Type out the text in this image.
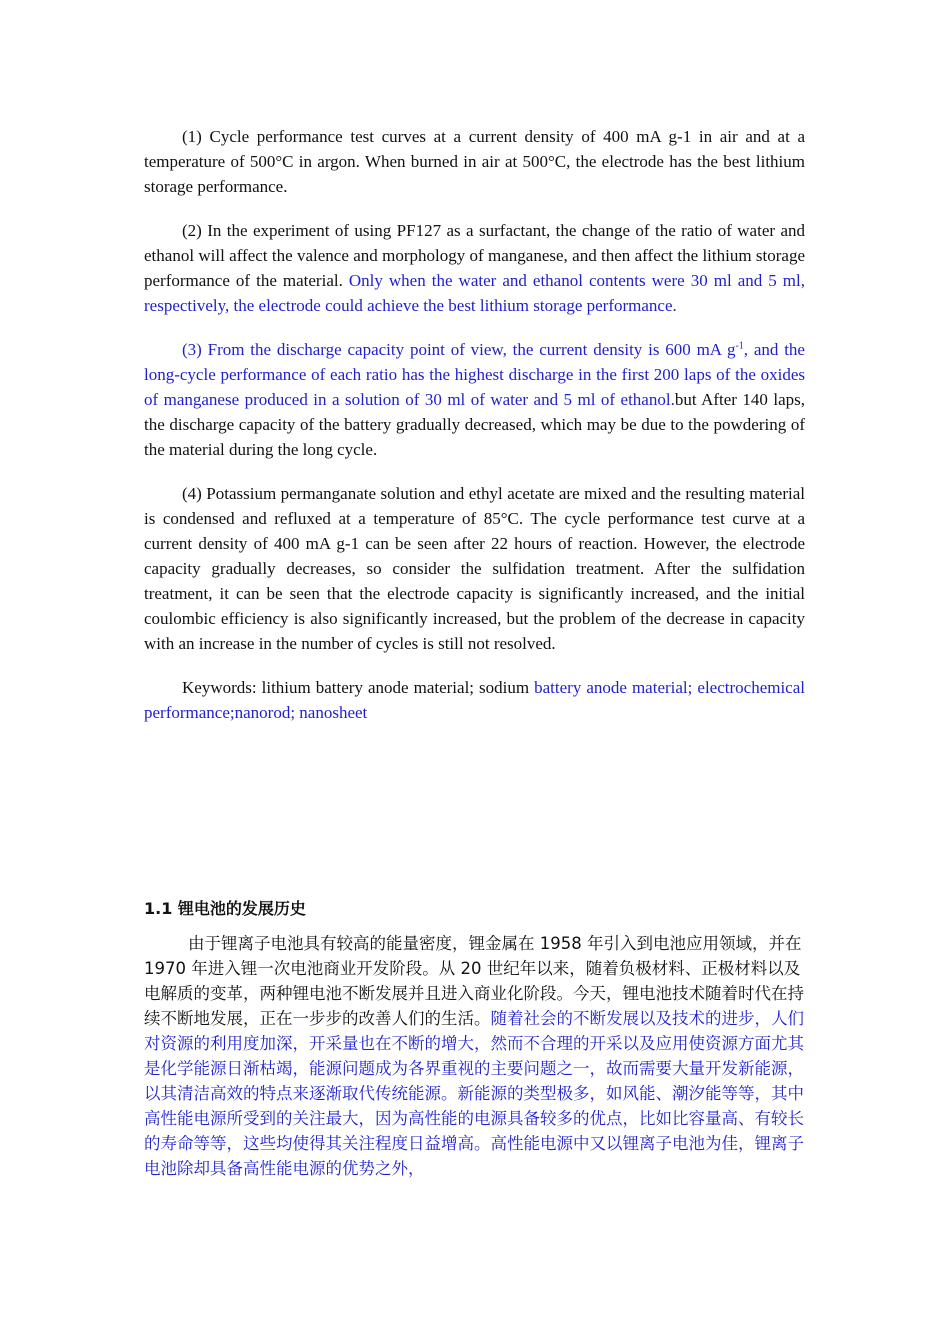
(1) Cycle performance test curves at a current density of 400 mA g-1 in air and at a temperature of 500°C in argon. When burned in air at 500°C, the electrode has the best lithium storage performance.

(2) In the experiment of using PF127 as a surfactant, the change of the ratio of water and ethanol will affect the valence and morphology of manganese, and then affect the lithium storage performance of the material. Only when the water and ethanol contents were 30 ml and 5 ml, respectively, the electrode could achieve the best lithium storage performance.

(3) From the discharge capacity point of view, the current density is 600 mA $g^{-1}$, and the long-cycle performance of each ratio has the highest discharge in the first 200 laps of the oxides of manganese produced in a solution of 30 ml of water and 5 ml of ethanol.but After 140 laps, the discharge capacity of the battery gradually decreased, which may be due to the powdering of the material during the long cycle.

(4) Potassium permanganate solution and ethyl acetate are mixed and the resulting material is condensed and refluxed at a temperature of 85°C. The cycle performance test curve at a current density of 400 mA g-1 can be seen after 22 hours of reaction. However, the electrode capacity gradually decreases, so consider the sulfidation treatment. After the sulfidation treatment, it can be seen that the electrode capacity is significantly increased, and the initial coulombic efficiency is also significantly increased, but the problem of the decrease in capacity with an increase in the number of cycles is still not resolved.

Keywords: lithium battery anode material; sodium battery anode material; electrochemical performance;nanorod; nanosheet

1.1 锂电池的发展历史

由于锂离子电池具有较高的能量密度，锂金属在 1958 年引入到电池应用领域，并在 1970 年进入锂一次电池商业开发阶段。从 20 世纪年以来，随着负极材料、正极材料以及电解质的变革，两种锂电池不断发展并且进入商业化阶段。今天，锂电池技术随着时代在持续不断地发展，正在一步步的改善人们的生活。随着社会的不断发展以及技术的进步，人们对资源的利用度加深，开采量也在不断的增大，然而不合理的开采以及应用使资源方面尤其是化学能源日渐枯竭，能源问题成为各界重视的主要问题之一，故而需要大量开发新能源，以其清洁高效的特点来逐渐取代传统能源。新能源的类型极多，如风能、潮汐能等等，其中高性能电源所受到的关注最大，因为高性能的电源具备较多的优点，比如比容量高、有较长的寿命等等，这些均使得其关注程度日益增高。高性能电源中又以锂离子电池为佳，锂离子电池除却具备高性能电源的优势之外，
